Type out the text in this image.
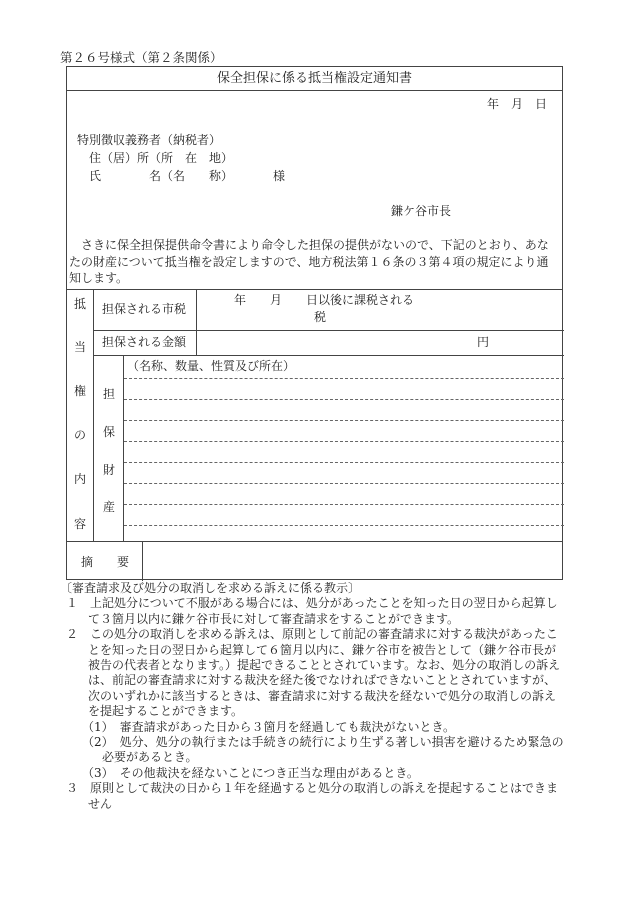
第２６号様式（第２条関係）
保全担保に係る抵当権設定通知書
年　月　日
特別徴収義務者（納税者）
住（居）所（所　在　地）
氏　　　　名（名　　称）	様
鎌ケ谷市長
さきに保全担保提供命令書により命令した担保の提供がないので、下記のとおり、あなたの財産について抵当権を設定しますので、地方税法第１６条の３第４項の規定により通知します。
抵
当
権
の
内
容
担保される市税
年　　月　　日以後に課税される
税
担保される金額	円
担
保
財
産
（名称、数量、性質及び所在）
摘　　要

〔審査請求及び処分の取消しを求める訴えに係る教示〕

１　上記処分について不服がある場合には、処分があったことを知った日の翌日から起算して３箇月以内に鎌ケ谷市長に対して審査請求をすることができます。

２　この処分の取消しを求める訴えは、原則として前記の審査請求に対する裁決があったことを知った日の翌日から起算して６箇月以内に、鎌ケ谷市を被告として（鎌ケ谷市長が被告の代表者となります。）提起できることとされています。なお、処分の取消しの訴えは、前記の審査請求に対する裁決を経た後でなければできないこととされていますが、次のいずれかに該当するときは、審査請求に対する裁決を経ないで処分の取消しの訴えを提起することができます。

（1）　審査請求があった日から３箇月を経過しても裁決がないとき。

（2）　処分、処分の執行または手続きの続行により生ずる著しい損害を避けるため緊急の必要があるとき。

（3）　その他裁決を経ないことにつき正当な理由があるとき。

３　原則として裁決の日から１年を経過すると処分の取消しの訴えを提起することはできません
